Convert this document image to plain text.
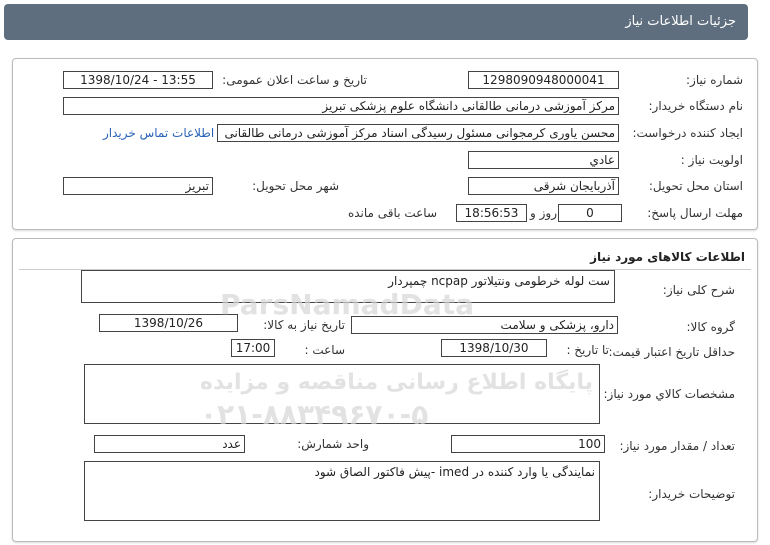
جزئیات اطلاعات نیاز
شماره نیاز:
1298090948000041
تاریخ و ساعت اعلان عمومی:
1398/10/24 - 13:55
نام دستگاه خریدار:
مرکز آموزشی درمانی طالقانی دانشگاه علوم پزشکی تبریز
ایجاد کننده درخواست:
محسن یاوری کرمجوانی مسئول رسیدگی اسناد مرکز آموزشی درمانی طالقانی
اطلاعات تماس خریدار
اولویت نیاز :
عادي
استان محل تحویل:
آذربایجان شرقی
شهر محل تحویل:
تبریز
مهلت ارسال پاسخ:
0
روز و
18:56:53
ساعت باقی مانده
اطلاعات کالاهای مورد نیاز
شرح کلی نیاز:
ست لوله خرطومی ونتیلاتور ncpap چمپردار
گروه کالا:
دارو، پزشکی و سلامت
تاریخ نیاز به کالا:
1398/10/26
حداقل تاریخ اعتبار قیمت:
تا تاریخ :
1398/10/30
ساعت :
17:00
مشخصات کالاي مورد نياز:
تعداد / مقدار مورد نیاز:
100
واحد شمارش:
عدد
توضیحات خریدار:
نمایندگی یا وارد کننده در imed -پیش فاکتور الصاق شود
ParsNamadData
پایگاه اطلاع رسانی مناقصه و مزایده
۰۲۱-۸۸۳۴۹۶۷۰-۵
